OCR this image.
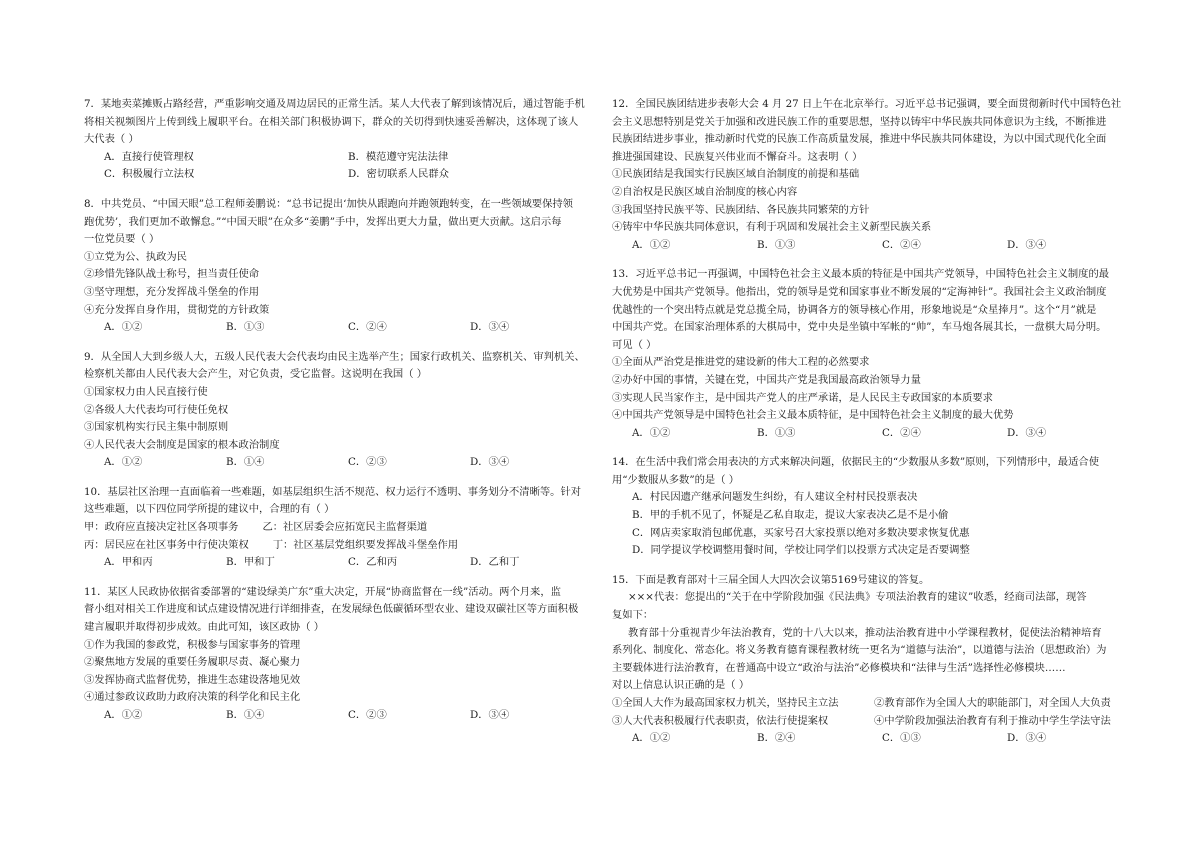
7．某地卖菜摊贩占路经营，严重影响交通及周边居民的正常生活。某人大代表了解到该情况后，通过智能手机
将相关视频图片上传到线上履职平台。在相关部门积极协调下，群众的关切得到快速妥善解决，这体现了该人
大代表（ ）
A．直接行使管理权	B．模范遵守宪法法律
C．积极履行立法权	D．密切联系人民群众
8．中共党员、“中国天眼”总工程师姜鹏说：“总书记提出‘加快从跟跑向并跑领跑转变，在一些领域要保持领
跑优势’，我们更加不敢懈怠。”“中国天眼”在众多“姜鹏”手中，发挥出更大力量，做出更大贡献。这启示每
一位党员要（ ）
①立党为公、执政为民
②珍惜先锋队战士称号，担当责任使命
③坚守理想，充分发挥战斗堡垒的作用
④充分发挥自身作用，贯彻党的方针政策
A．①②	B．①③	C．②④	D．③④
9．从全国人大到乡级人大，五级人民代表大会代表均由民主选举产生；国家行政机关、监察机关、审判机关、
检察机关都由人民代表大会产生，对它负责，受它监督。这说明在我国（ ）
①国家权力由人民直接行使
②各级人大代表均可行使任免权
③国家机构实行民主集中制原则
④人民代表大会制度是国家的根本政治制度
A．①②	B．①④	C．②③	D．③④
10．基层社区治理一直面临着一些难题，如基层组织生活不规范、权力运行不透明、事务划分不清晰等。针对
这些难题，以下四位同学所提的建议中，合理的有（ ）
甲：政府应直接决定社区各项事务 乙：社区居委会应拓宽民主监督渠道
丙：居民应在社区事务中行使决策权 丁：社区基层党组织要发挥战斗堡垒作用
A．甲和丙	B．甲和丁	C．乙和丙	D．乙和丁
11．某区人民政协依据省委部署的“建设绿美广东”重大决定，开展“协商监督在一线”活动。两个月来，监
督小组对相关工作进度和试点建设情况进行详细排查，在发展绿色低碳循环型农业、建设双碳社区等方面积极
建言履职并取得初步成效。由此可知，该区政协（ ）
①作为我国的参政党，积极参与国家事务的管理
②聚焦地方发展的重要任务履职尽责、凝心聚力
③发挥协商式监督优势，推进生态建设落地见效
④通过参政议政助力政府决策的科学化和民主化
A．①②	B．①④	C．②③	D．③④
12．全国民族团结进步表彰大会 4 月 27 日上午在北京举行。习近平总书记强调，要全面贯彻新时代中国特色社
会主义思想特别是党关于加强和改进民族工作的重要思想，坚持以铸牢中华民族共同体意识为主线，不断推进
民族团结进步事业，推动新时代党的民族工作高质量发展，推进中华民族共同体建设，为以中国式现代化全面
推进强国建设、民族复兴伟业而不懈奋斗。这表明（ ）
①民族团结是我国实行民族区域自治制度的前提和基础
②自治权是民族区域自治制度的核心内容
③我国坚持民族平等、民族团结、各民族共同繁荣的方针
④铸牢中华民族共同体意识，有利于巩固和发展社会主义新型民族关系
A．①②	B．①③	C．②④	D．③④
13．习近平总书记一再强调，中国特色社会主义最本质的特征是中国共产党领导，中国特色社会主义制度的最
大优势是中国共产党领导。他指出，党的领导是党和国家事业不断发展的“定海神针”。我国社会主义政治制度
优越性的一个突出特点就是党总揽全局，协调各方的领导核心作用，形象地说是“众星捧月”。这个“月”就是
中国共产党。在国家治理体系的大棋局中，党中央是坐镇中军帐的“帅”，车马炮各展其长，一盘棋大局分明。
可见（ ）
①全面从严治党是推进党的建设新的伟大工程的必然要求
②办好中国的事情，关键在党，中国共产党是我国最高政治领导力量
③实现人民当家作主，是中国共产党人的庄严承诺，是人民民主专政国家的本质要求
④中国共产党领导是中国特色社会主义最本质特征，是中国特色社会主义制度的最大优势
A．①②	B．①③	C．②④	D．③④
14．在生活中我们常会用表决的方式来解决问题，依据民主的“少数服从多数”原则，下列情形中，最适合使
用“少数服从多数”的是（ ）
A．村民因遗产继承问题发生纠纷，有人建议全村村民投票表决
B．甲的手机不见了，怀疑是乙私自取走，提议大家表决乙是不是小偷
C．网店卖家取消包邮优惠，买家号召大家投票以绝对多数决要求恢复优惠
D．同学提议学校调整用餐时间，学校让同学们以投票方式决定是否要调整
15．下面是教育部对十三届全国人大四次会议第5169号建议的答复。
×××代表：您提出的“关于在中学阶段加强《民法典》专项法治教育的建议”收悉，经商司法部，现答
复如下：
教育部十分重视青少年法治教育，党的十八大以来，推动法治教育进中小学课程教材，促使法治精神培育
系列化、制度化、常态化。将义务教育德育课程教材统一更名为“道德与法治”，以道德与法治（思想政治）为
主要载体进行法治教育，在普通高中设立“政治与法治”必修模块和“法律与生活”选择性必修模块……
对以上信息认识正确的是（ ）
①全国人大作为最高国家权力机关，坚持民主立法	②教育部作为全国人大的职能部门，对全国人大负责
③人大代表积极履行代表职责，依法行使提案权	④中学阶段加强法治教育有利于推动中学生学法守法
A．①②	B．②④	C．①③	D．③④
